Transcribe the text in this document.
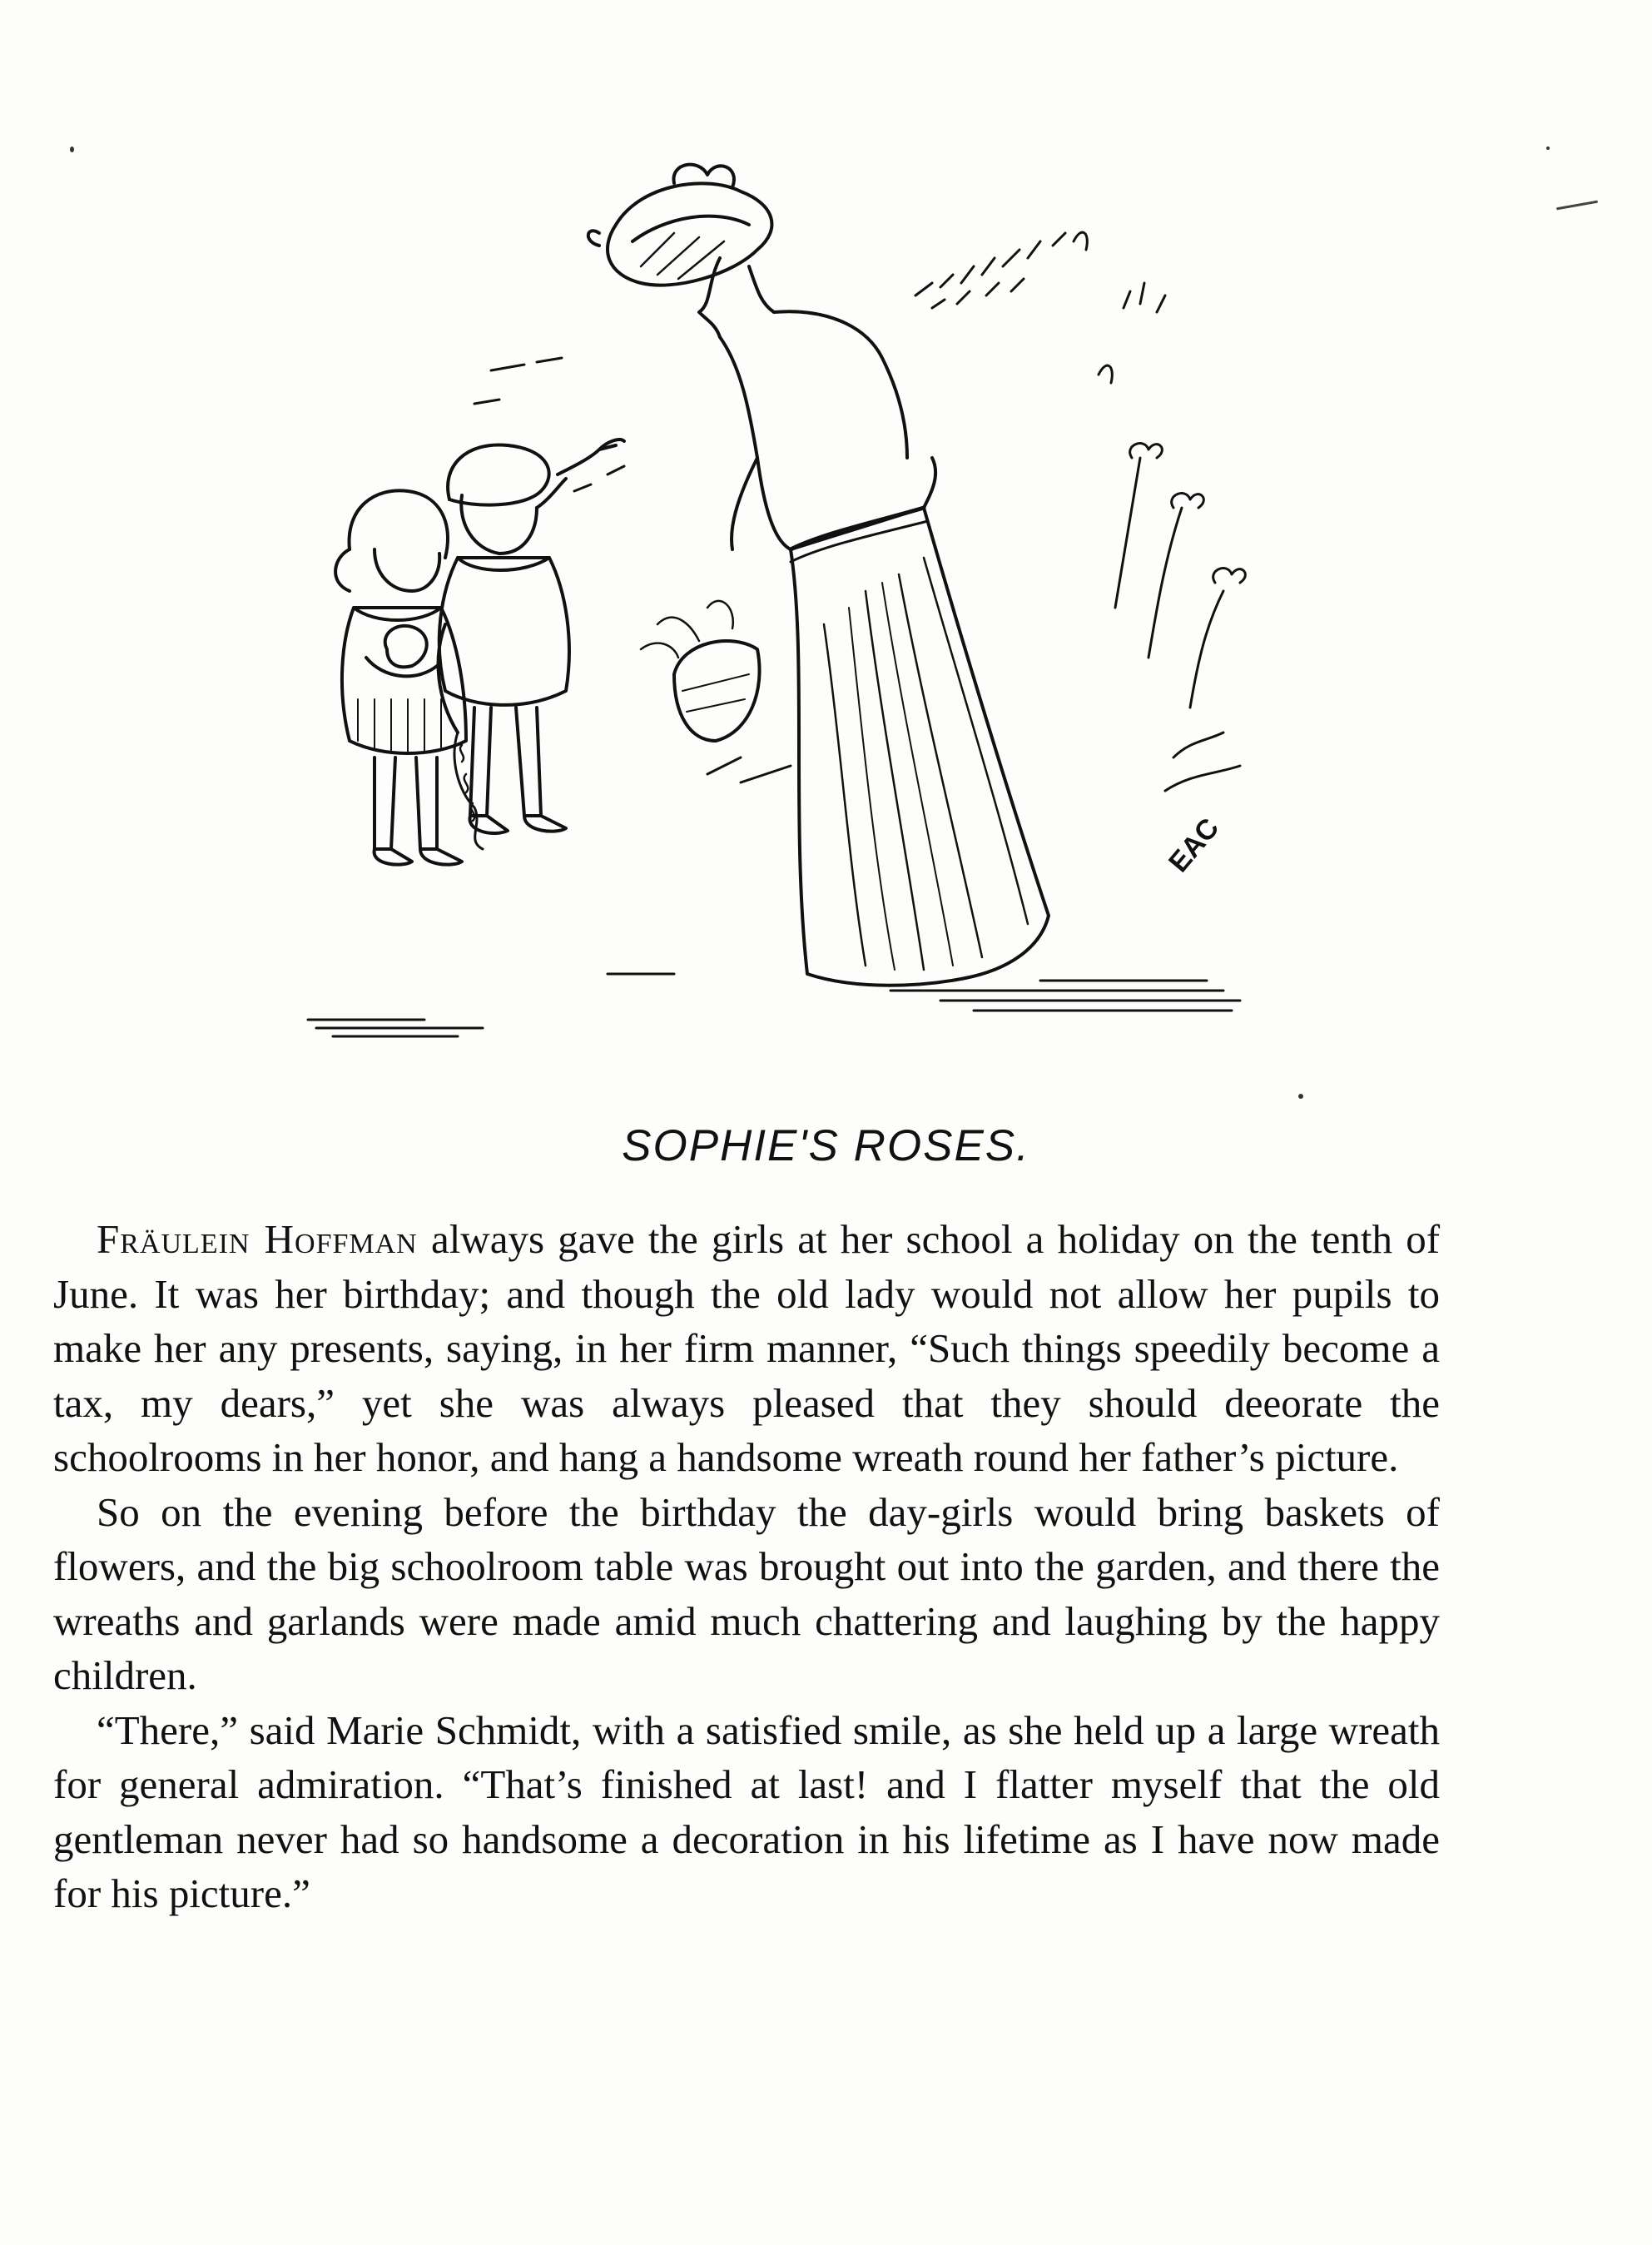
EAC
SOPHIE'S ROSES.

Fräulein Hoffman always gave the girls at her school a holiday on the tenth of June. It was her birthday; and though the old lady would not allow her pupils to make her any presents, saying, in her firm manner, “Such things speedily become a tax, my dears,” yet she was always pleased that they should deeorate the schoolrooms in her honor, and hang a handsome wreath round her father’s picture.

So on the evening before the birthday the day-girls would bring baskets of flowers, and the big schoolroom table was brought out into the garden, and there the wreaths and garlands were made amid much chattering and laughing by the happy children.

“There,” said Marie Schmidt, with a satisfied smile, as she held up a large wreath for general admiration. “That’s finished at last! and I flatter myself that the old gentleman never had so handsome a decoration in his lifetime as I have now made for his picture.”
